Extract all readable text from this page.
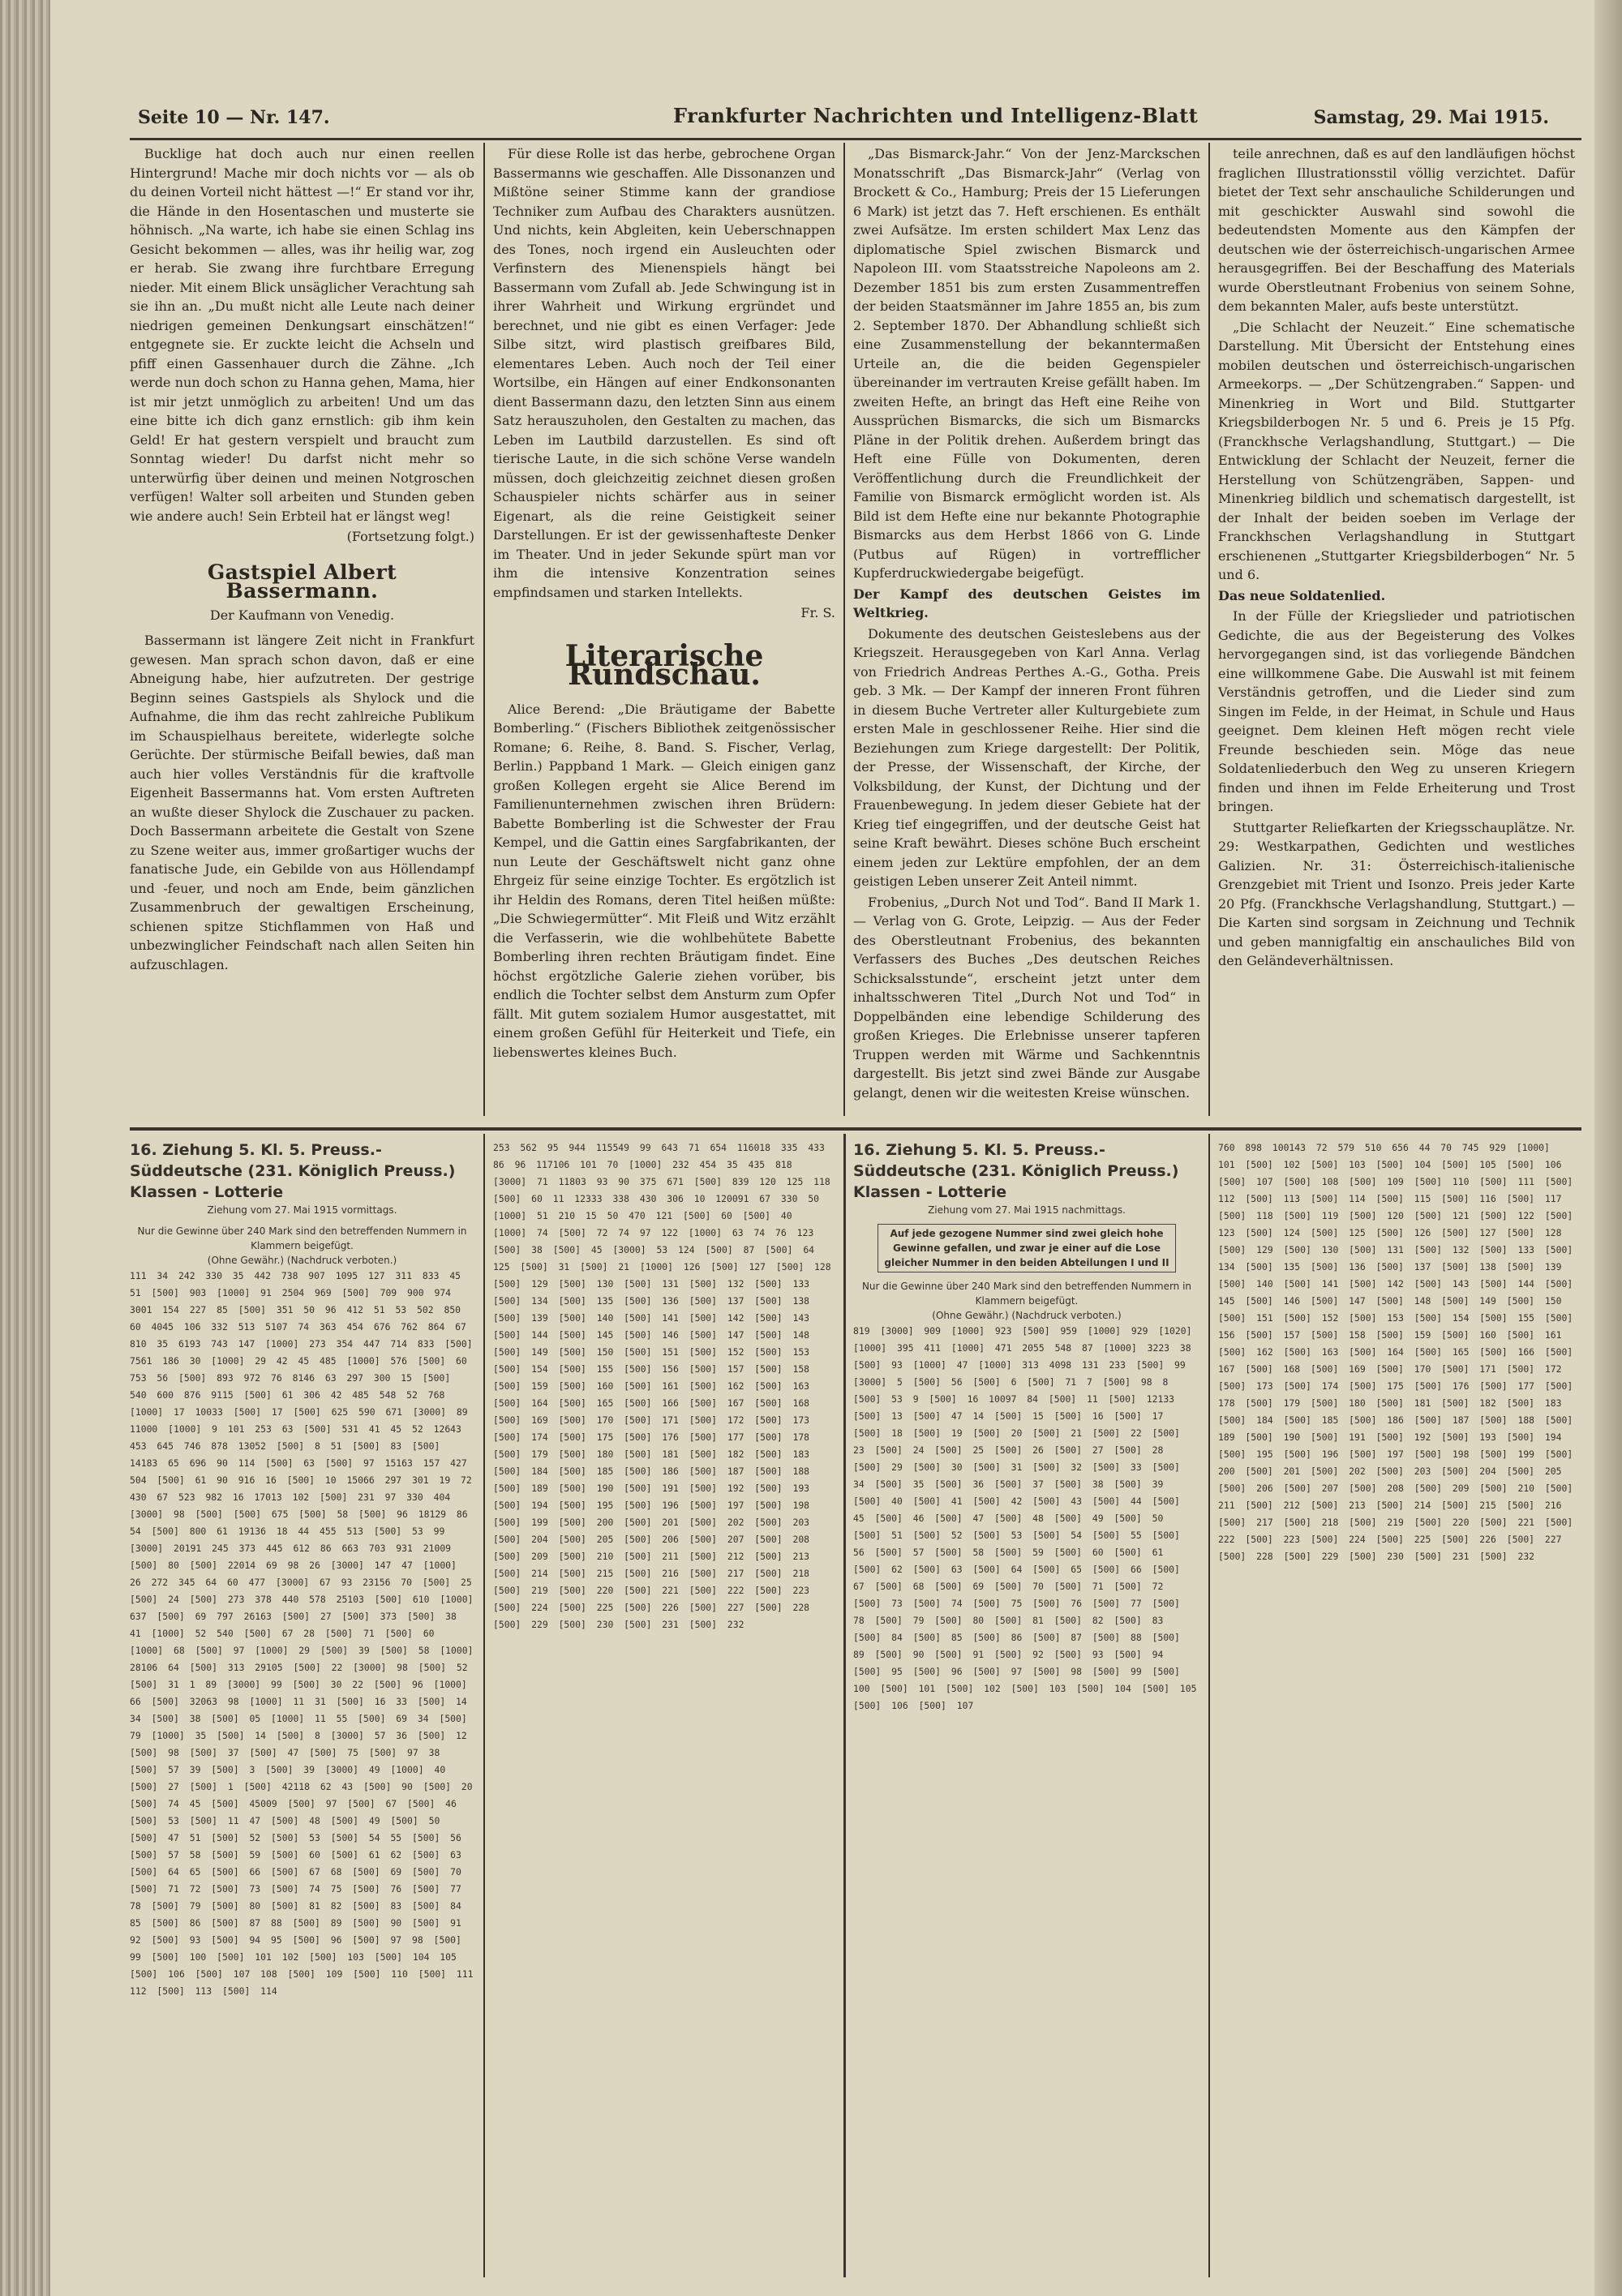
Seite 10 — Nr. 147.	Frankfurter Nachrichten und Intelligenz-Blatt	Samstag, 29. Mai 1915.

Bucklige hat doch auch nur einen reellen Hintergrund! Mache mir doch nichts vor — als ob du deinen Vorteil nicht hättest —!“ Er stand vor ihr, die Hände in den Hosentaschen und musterte sie höhnisch. „Na warte, ich habe sie einen Schlag ins Gesicht bekommen — alles, was ihr heilig war, zog er herab. Sie zwang ihre furchtbare Erregung nieder. Mit einem Blick unsäglicher Verachtung sah sie ihn an. „Du mußt nicht alle Leute nach deiner niedrigen gemeinen Denkungsart einschätzen!“ entgegnete sie. Er zuckte leicht die Achseln und pfiff einen Gassenhauer durch die Zähne. „Ich werde nun doch schon zu Hanna gehen, Mama, hier ist mir jetzt unmöglich zu arbeiten! Und um das eine bitte ich dich ganz ernstlich: gib ihm kein Geld! Er hat gestern verspielt und braucht zum Sonntag wieder! Du darfst nicht mehr so unterwürfig über deinen und meinen Notgroschen verfügen! Walter soll arbeiten und Stunden geben wie andere auch! Sein Erbteil hat er längst weg!

(Fortsetzung folgt.)

Gastspiel Albert Bassermann.
Der Kaufmann von Venedig.

Bassermann ist längere Zeit nicht in Frankfurt gewesen. Man sprach schon davon, daß er eine Abneigung habe, hier aufzutreten. Der gestrige Beginn seines Gastspiels als Shylock und die Aufnahme, die ihm das recht zahlreiche Publikum im Schauspielhaus bereitete, widerlegte solche Gerüchte. Der stürmische Beifall bewies, daß man auch hier volles Verständnis für die kraftvolle Eigenheit Bassermanns hat. Vom ersten Auftreten an wußte dieser Shylock die Zuschauer zu packen. Doch Bassermann arbeitete die Gestalt von Szene zu Szene weiter aus, immer großartiger wuchs der fanatische Jude, ein Gebilde von aus Höllendampf und -feuer, und noch am Ende, beim gänzlichen Zusammenbruch der gewaltigen Erscheinung, schienen spitze Stichflammen von Haß und unbezwinglicher Feindschaft nach allen Seiten hin aufzuschlagen.

Für diese Rolle ist das herbe, gebrochene Organ Bassermanns wie geschaffen. Alle Dissonanzen und Mißtöne seiner Stimme kann der grandiose Techniker zum Aufbau des Charakters ausnützen. Und nichts, kein Abgleiten, kein Ueberschnappen des Tones, noch irgend ein Ausleuchten oder Verfinstern des Mienenspiels hängt bei Bassermann vom Zufall ab. Jede Schwingung ist in ihrer Wahrheit und Wirkung ergründet und berechnet, und nie gibt es einen Verfager: Jede Silbe sitzt, wird plastisch greifbares Bild, elementares Leben. Auch noch der Teil einer Wortsilbe, ein Hängen auf einer Endkonsonanten dient Bassermann dazu, den letzten Sinn aus einem Satz herauszuholen, den Gestalten zu machen, das Leben im Lautbild darzustellen. Es sind oft tierische Laute, in die sich schöne Verse wandeln müssen, doch gleichzeitig zeichnet diesen großen Schauspieler nichts schärfer aus in seiner Eigenart, als die reine Geistigkeit seiner Darstellungen. Er ist der gewissenhafteste Denker im Theater. Und in jeder Sekunde spürt man vor ihm die intensive Konzentration seines empfindsamen und starken Intellekts.

Fr. S.

Literarische Rundschau.

Alice Berend: „Die Bräutigame der Babette Bomberling.“ (Fischers Bibliothek zeitgenössischer Romane; 6. Reihe, 8. Band. S. Fischer, Verlag, Berlin.) Pappband 1 Mark. — Gleich einigen ganz großen Kollegen ergeht sie Alice Berend im Familienunternehmen zwischen ihren Brüdern: Babette Bomberling ist die Schwester der Frau Kempel, und die Gattin eines Sargfabrikanten, der nun Leute der Geschäftswelt nicht ganz ohne Ehrgeiz für seine einzige Tochter. Es ergötzlich ist ihr Heldin des Romans, deren Titel heißen müßte: „Die Schwiegermütter“. Mit Fleiß und Witz erzählt die Verfasserin, wie die wohlbehütete Babette Bomberling ihren rechten Bräutigam findet. Eine höchst ergötzliche Galerie ziehen vorüber, bis endlich die Tochter selbst dem Ansturm zum Opfer fällt. Mit gutem sozialem Humor ausgestattet, mit einem großen Gefühl für Heiterkeit und Tiefe, ein liebenswertes kleines Buch.

„Das Bismarck-Jahr.“ Von der Jenz-Marckschen Monatsschrift „Das Bismarck-Jahr“ (Verlag von Brockett & Co., Hamburg; Preis der 15 Lieferungen 6 Mark) ist jetzt das 7. Heft erschienen. Es enthält zwei Aufsätze. Im ersten schildert Max Lenz das diplomatische Spiel zwischen Bismarck und Napoleon III. vom Staatsstreiche Napoleons am 2. Dezember 1851 bis zum ersten Zusammentreffen der beiden Staatsmänner im Jahre 1855 an, bis zum 2. September 1870. Der Abhandlung schließt sich eine Zusammenstellung der bekanntermaßen Urteile an, die die beiden Gegenspieler übereinander im vertrauten Kreise gefällt haben. Im zweiten Hefte, an bringt das Heft eine Reihe von Aussprüchen Bismarcks, die sich um Bismarcks Pläne in der Politik drehen. Außerdem bringt das Heft eine Fülle von Dokumenten, deren Veröffentlichung durch die Freundlichkeit der Familie von Bismarck ermöglicht worden ist. Als Bild ist dem Hefte eine nur bekannte Photographie Bismarcks aus dem Herbst 1866 von G. Linde (Putbus auf Rügen) in vortrefflicher Kupferdruckwiedergabe beigefügt.

Der Kampf des deutschen Geistes im Weltkrieg.

Dokumente des deutschen Geisteslebens aus der Kriegszeit. Herausgegeben von Karl Anna. Verlag von Friedrich Andreas Perthes A.-G., Gotha. Preis geb. 3 Mk. — Der Kampf der inneren Front führen in diesem Buche Vertreter aller Kulturgebiete zum ersten Male in geschlossener Reihe. Hier sind die Beziehungen zum Kriege dargestellt: Der Politik, der Presse, der Wissenschaft, der Kirche, der Volksbildung, der Kunst, der Dichtung und der Frauenbewegung. In jedem dieser Gebiete hat der Krieg tief eingegriffen, und der deutsche Geist hat seine Kraft bewährt. Dieses schöne Buch erscheint einem jeden zur Lektüre empfohlen, der an dem geistigen Leben unserer Zeit Anteil nimmt.

Frobenius, „Durch Not und Tod“. Band II Mark 1.— Verlag von G. Grote, Leipzig. — Aus der Feder des Oberstleutnant Frobenius, des bekannten Verfassers des Buches „Des deutschen Reiches Schicksalsstunde“, erscheint jetzt unter dem inhaltsschweren Titel „Durch Not und Tod“ in Doppelbänden eine lebendige Schilderung des großen Krieges. Die Erlebnisse unserer tapferen Truppen werden mit Wärme und Sachkenntnis dargestellt. Bis jetzt sind zwei Bände zur Ausgabe gelangt, denen wir die weitesten Kreise wünschen.

teile anrechnen, daß es auf den landläufigen höchst fraglichen Illustrationsstil völlig verzichtet. Dafür bietet der Text sehr anschauliche Schilderungen und mit geschickter Auswahl sind sowohl die bedeutendsten Momente aus den Kämpfen der deutschen wie der österreichisch-ungarischen Armee herausgegriffen. Bei der Beschaffung des Materials wurde Oberstleutnant Frobenius von seinem Sohne, dem bekannten Maler, aufs beste unterstützt.

„Die Schlacht der Neuzeit.“ Eine schematische Darstellung. Mit Übersicht der Entstehung eines mobilen deutschen und österreichisch-ungarischen Armeekorps. — „Der Schützengraben.“ Sappen- und Minenkrieg in Wort und Bild. Stuttgarter Kriegsbilderbogen Nr. 5 und 6. Preis je 15 Pfg. (Franckhsche Verlagshandlung, Stuttgart.) — Die Entwicklung der Schlacht der Neuzeit, ferner die Herstellung von Schützengräben, Sappen- und Minenkrieg bildlich und schematisch dargestellt, ist der Inhalt der beiden soeben im Verlage der Franckhschen Verlagshandlung in Stuttgart erschienenen „Stuttgarter Kriegsbilderbogen“ Nr. 5 und 6.

Das neue Soldatenlied.

In der Fülle der Kriegslieder und patriotischen Gedichte, die aus der Begeisterung des Volkes hervorgegangen sind, ist das vorliegende Bändchen eine willkommene Gabe. Die Auswahl ist mit feinem Verständnis getroffen, und die Lieder sind zum Singen im Felde, in der Heimat, in Schule und Haus geeignet. Dem kleinen Heft mögen recht viele Freunde beschieden sein. Möge das neue Soldatenliederbuch den Weg zu unseren Kriegern finden und ihnen im Felde Erheiterung und Trost bringen.

Stuttgarter Reliefkarten der Kriegsschauplätze. Nr. 29: Westkarpathen, Gedichten und westliches Galizien. Nr. 31: Österreichisch-italienische Grenzgebiet mit Trient und Isonzo. Preis jeder Karte 20 Pfg. (Franckhsche Verlagshandlung, Stuttgart.) — Die Karten sind sorgsam in Zeichnung und Technik und geben mannigfaltig ein anschauliches Bild von den Geländeverhältnissen.

16. Ziehung 5. Kl. 5. Preuss.-Süddeutsche (231. Königlich Preuss.) Klassen - Lotterie
Ziehung vom 27. Mai 1915 vormittags.
Nur die Gewinne über 240 Mark sind den betreffenden Nummern in Klammern beigefügt.
(Ohne Gewähr.) (Nachdruck verboten.)
111 34 242 330 35 442 738 907 1095 127 311 833 45 51 [500] 903 [1000] 91 2504 969 [500] 709 900 974 3001 154 227 85 [500] 351 50 96 412 51 53 502 850 60 4045 106 332 513 5107 74 363 454 676 762 864 67 810 35 6193 743 147 [1000] 273 354 447 714 833 [500] 7561 186 30 [1000] 29 42 45 485 [1000] 576 [500] 60 753 56 [500] 893 972 76 8146 63 297 300 15 [500] 540 600 876 9115 [500] 61 306 42 485 548 52 768 [1000] 17 10033 [500] 17 [500] 625 590 671 [3000] 89 11000 [1000] 9 101 253 63 [500] 531 41 45 52 12643 453 645 746 878 13052 [500] 8 51 [500] 83 [500] 14183 65 696 90 114 [500] 63 [500] 97 15163 157 427 504 [500] 61 90 916 16 [500] 10 15066 297 301 19 72 430 67 523 982 16 17013 102 [500] 231 97 330 404 [3000] 98 [500] [500] 675 [500] 58 [500] 96 18129 86 54 [500] 800 61 19136 18 44 455 513 [500] 53 99 [3000] 20191 245 373 445 612 86 663 703 931 21009 [500] 80 [500] 22014 69 98 26 [3000] 147 47 [1000] 26 272 345 64 60 477 [3000] 67 93 23156 70 [500] 25 [500] 24 [500] 273 378 440 578 25103 [500] 610 [1000] 637 [500] 69 797 26163 [500] 27 [500] 373 [500] 38 41 [1000] 52 540 [500] 67 28 [500] 71 [500] 60 [1000] 68 [500] 97 [1000] 29 [500] 39 [500] 58 [1000] 28106 64 [500] 313 29105 [500] 22 [3000] 98 [500] 52 [500] 31 1 89 [3000] 99 [500] 30 22 [500] 96 [1000] 66 [500] 32063 98 [1000] 11 31 [500] 16 33 [500] 14 34 [500] 38 [500] 05 [1000] 11 55 [500] 69 34 [500] 79 [1000] 35 [500] 14 [500] 8 [3000] 57 36 [500] 12 [500] 98 [500] 37 [500] 47 [500] 75 [500] 97 38 [500] 57 39 [500] 3 [500] 39 [3000] 49 [1000] 40 [500] 27 [500] 1 [500] 42118 62 43 [500] 90 [500] 20 [500] 74 45 [500] 45009 [500] 97 [500] 67 [500] 46 [500] 53 [500] 11 47 [500] 48 [500] 49 [500] 50 [500] 47 51 [500] 52 [500] 53 [500] 54 55 [500] 56 [500] 57 58 [500] 59 [500] 60 [500] 61 62 [500] 63 [500] 64 65 [500] 66 [500] 67 68 [500] 69 [500] 70 [500] 71 72 [500] 73 [500] 74 75 [500] 76 [500] 77 78 [500] 79 [500] 80 [500] 81 82 [500] 83 [500] 84 85 [500] 86 [500] 87 88 [500] 89 [500] 90 [500] 91 92 [500] 93 [500] 94 95 [500] 96 [500] 97 98 [500] 99 [500] 100 [500] 101 102 [500] 103 [500] 104 105 [500] 106 [500] 107 108 [500] 109 [500] 110 [500] 111 112 [500] 113 [500] 114
253 562 95 944 115549 99 643 71 654 116018 335 433 86 96 117106 101 70 [1000] 232 454 35 435 818 [3000] 71 11803 93 90 375 671 [500] 839 120 125 118 [500] 60 11 12333 338 430 306 10 120091 67 330 50 [1000] 51 210 15 50 470 121 [500] 60 [500] 40 [1000] 74 [500] 72 74 97 122 [1000] 63 74 76 123 [500] 38 [500] 45 [3000] 53 124 [500] 87 [500] 64 125 [500] 31 [500] 21 [1000] 126 [500] 127 [500] 128 [500] 129 [500] 130 [500] 131 [500] 132 [500] 133 [500] 134 [500] 135 [500] 136 [500] 137 [500] 138 [500] 139 [500] 140 [500] 141 [500] 142 [500] 143 [500] 144 [500] 145 [500] 146 [500] 147 [500] 148 [500] 149 [500] 150 [500] 151 [500] 152 [500] 153 [500] 154 [500] 155 [500] 156 [500] 157 [500] 158 [500] 159 [500] 160 [500] 161 [500] 162 [500] 163 [500] 164 [500] 165 [500] 166 [500] 167 [500] 168 [500] 169 [500] 170 [500] 171 [500] 172 [500] 173 [500] 174 [500] 175 [500] 176 [500] 177 [500] 178 [500] 179 [500] 180 [500] 181 [500] 182 [500] 183 [500] 184 [500] 185 [500] 186 [500] 187 [500] 188 [500] 189 [500] 190 [500] 191 [500] 192 [500] 193 [500] 194 [500] 195 [500] 196 [500] 197 [500] 198 [500] 199 [500] 200 [500] 201 [500] 202 [500] 203 [500] 204 [500] 205 [500] 206 [500] 207 [500] 208 [500] 209 [500] 210 [500] 211 [500] 212 [500] 213 [500] 214 [500] 215 [500] 216 [500] 217 [500] 218 [500] 219 [500] 220 [500] 221 [500] 222 [500] 223 [500] 224 [500] 225 [500] 226 [500] 227 [500] 228 [500] 229 [500] 230 [500] 231 [500] 232
16. Ziehung 5. Kl. 5. Preuss.-Süddeutsche (231. Königlich Preuss.) Klassen - Lotterie
Ziehung vom 27. Mai 1915 nachmittags.
Auf jede gezogene Nummer sind zwei gleich hohe Gewinne gefallen, und zwar je einer auf die Lose gleicher Nummer in den beiden Abteilungen I und II
Nur die Gewinne über 240 Mark sind den betreffenden Nummern in Klammern beigefügt.
(Ohne Gewähr.) (Nachdruck verboten.)
819 [3000] 909 [1000] 923 [500] 959 [1000] 929 [1020] [1000] 395 411 [1000] 471 2055 548 87 [1000] 3223 38 [500] 93 [1000] 47 [1000] 313 4098 131 233 [500] 99 [3000] 5 [500] 56 [500] 6 [500] 71 7 [500] 98 8 [500] 53 9 [500] 16 10097 84 [500] 11 [500] 12133 [500] 13 [500] 47 14 [500] 15 [500] 16 [500] 17 [500] 18 [500] 19 [500] 20 [500] 21 [500] 22 [500] 23 [500] 24 [500] 25 [500] 26 [500] 27 [500] 28 [500] 29 [500] 30 [500] 31 [500] 32 [500] 33 [500] 34 [500] 35 [500] 36 [500] 37 [500] 38 [500] 39 [500] 40 [500] 41 [500] 42 [500] 43 [500] 44 [500] 45 [500] 46 [500] 47 [500] 48 [500] 49 [500] 50 [500] 51 [500] 52 [500] 53 [500] 54 [500] 55 [500] 56 [500] 57 [500] 58 [500] 59 [500] 60 [500] 61 [500] 62 [500] 63 [500] 64 [500] 65 [500] 66 [500] 67 [500] 68 [500] 69 [500] 70 [500] 71 [500] 72 [500] 73 [500] 74 [500] 75 [500] 76 [500] 77 [500] 78 [500] 79 [500] 80 [500] 81 [500] 82 [500] 83 [500] 84 [500] 85 [500] 86 [500] 87 [500] 88 [500] 89 [500] 90 [500] 91 [500] 92 [500] 93 [500] 94 [500] 95 [500] 96 [500] 97 [500] 98 [500] 99 [500] 100 [500] 101 [500] 102 [500] 103 [500] 104 [500] 105 [500] 106 [500] 107
760 898 100143 72 579 510 656 44 70 745 929 [1000] 101 [500] 102 [500] 103 [500] 104 [500] 105 [500] 106 [500] 107 [500] 108 [500] 109 [500] 110 [500] 111 [500] 112 [500] 113 [500] 114 [500] 115 [500] 116 [500] 117 [500] 118 [500] 119 [500] 120 [500] 121 [500] 122 [500] 123 [500] 124 [500] 125 [500] 126 [500] 127 [500] 128 [500] 129 [500] 130 [500] 131 [500] 132 [500] 133 [500] 134 [500] 135 [500] 136 [500] 137 [500] 138 [500] 139 [500] 140 [500] 141 [500] 142 [500] 143 [500] 144 [500] 145 [500] 146 [500] 147 [500] 148 [500] 149 [500] 150 [500] 151 [500] 152 [500] 153 [500] 154 [500] 155 [500] 156 [500] 157 [500] 158 [500] 159 [500] 160 [500] 161 [500] 162 [500] 163 [500] 164 [500] 165 [500] 166 [500] 167 [500] 168 [500] 169 [500] 170 [500] 171 [500] 172 [500] 173 [500] 174 [500] 175 [500] 176 [500] 177 [500] 178 [500] 179 [500] 180 [500] 181 [500] 182 [500] 183 [500] 184 [500] 185 [500] 186 [500] 187 [500] 188 [500] 189 [500] 190 [500] 191 [500] 192 [500] 193 [500] 194 [500] 195 [500] 196 [500] 197 [500] 198 [500] 199 [500] 200 [500] 201 [500] 202 [500] 203 [500] 204 [500] 205 [500] 206 [500] 207 [500] 208 [500] 209 [500] 210 [500] 211 [500] 212 [500] 213 [500] 214 [500] 215 [500] 216 [500] 217 [500] 218 [500] 219 [500] 220 [500] 221 [500] 222 [500] 223 [500] 224 [500] 225 [500] 226 [500] 227 [500] 228 [500] 229 [500] 230 [500] 231 [500] 232
